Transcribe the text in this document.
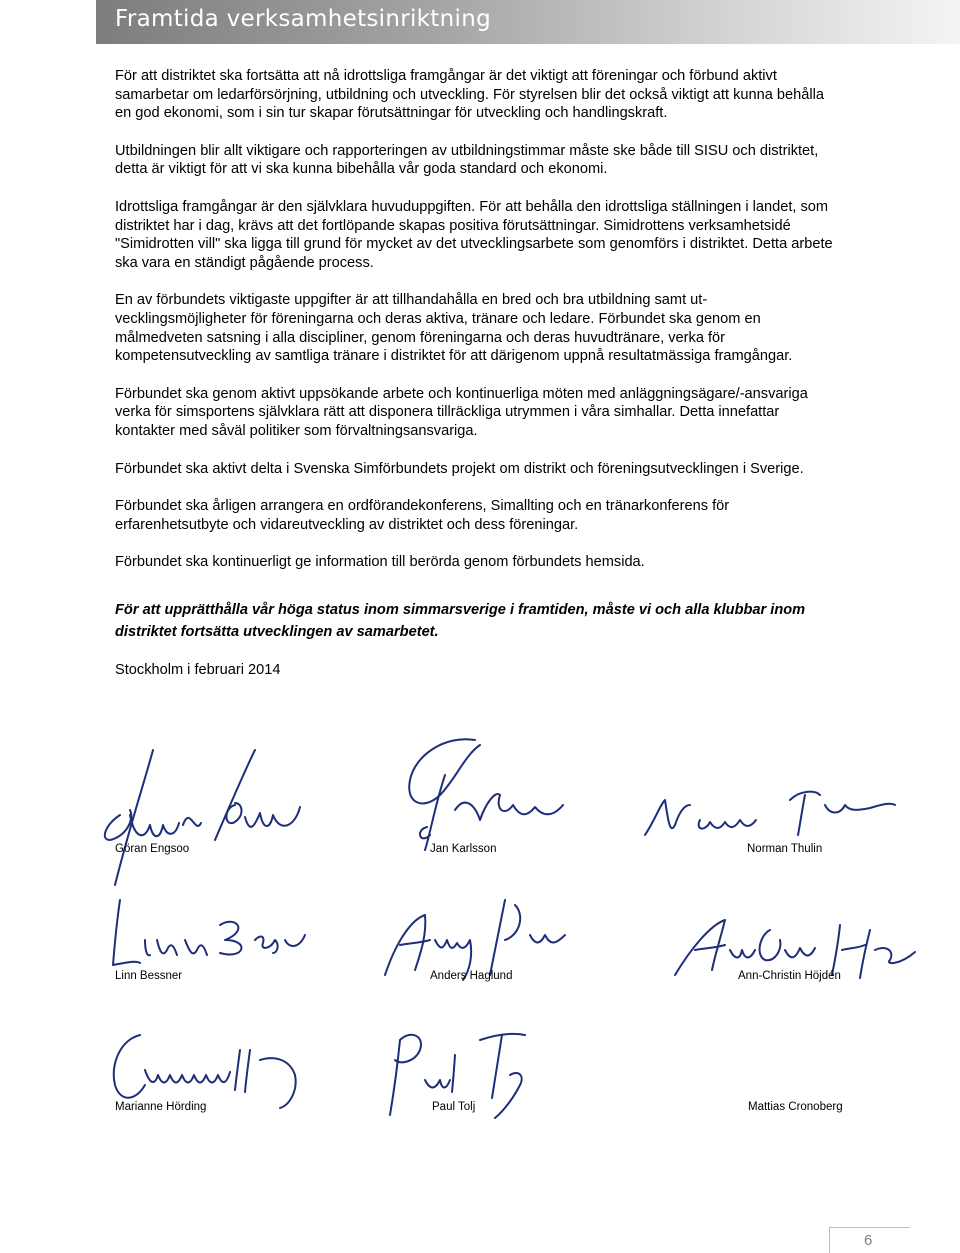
Framtida verksamhetsinriktning

För att distriktet ska fortsätta att nå idrottsliga framgångar är det viktigt att föreningar och förbund aktivt samarbetar om ledarförsörjning, utbildning och utveckling. För styrelsen blir det också viktigt att kunna behålla en god ekonomi, som i sin tur skapar förutsättningar för utveckling och handlingskraft.

Utbildningen blir allt viktigare och rapporteringen av utbildningstimmar måste ske både till SISU och distriktet, detta är viktigt för att vi ska kunna bibehålla vår goda standard och ekonomi.

Idrottsliga framgångar är den självklara huvuduppgiften. För att behålla den idrottsliga ställningen i landet, som distriktet har i dag, krävs att det fortlöpande skapas positiva förutsättningar. Simidrottens verksamhetsidé "Simidrotten vill" ska ligga till grund för mycket av det utvecklingsarbete som genomförs i distriktet. Detta arbete ska vara en ständigt pågående process.

En av förbundets viktigaste uppgifter är att tillhandahålla en bred och bra utbildning samt ut-vecklingsmöjligheter för föreningarna och deras aktiva, tränare och ledare. Förbundet ska genom en målmedveten satsning i alla discipliner, genom föreningarna och deras huvudtränare, verka för kompetensutveckling av samtliga tränare i distriktet för att därigenom uppnå resultatmässiga framgångar.

Förbundet ska genom aktivt uppsökande arbete och kontinuerliga möten med anläggningsägare/-ansvariga verka för simsportens självklara rätt att disponera tillräckliga utrymmen i våra simhallar. Detta innefattar kontakter med såväl politiker som förvaltningsansvariga.

Förbundet ska aktivt delta i Svenska Simförbundets projekt om distrikt och föreningsutvecklingen i Sverige.

Förbundet ska årligen arrangera en ordförandekonferens, Simallting och en tränarkonferens för erfarenhetsutbyte och vidareutveckling av distriktet och dess föreningar.

Förbundet ska kontinuerligt ge information till berörda genom förbundets hemsida.

För att upprätthålla vår höga status inom simmarsverige i framtiden, måste vi och alla klubbar inom distriktet fortsätta utvecklingen av samarbetet.

Stockholm i februari 2014

Göran Engsoo	Jan Karlsson	Norman Thulin
Linn Bessner	Anders Haglund	Ann-Christin Höjdén
Marianne Hörding	Paul Tolj	Mattias Cronoberg
6
